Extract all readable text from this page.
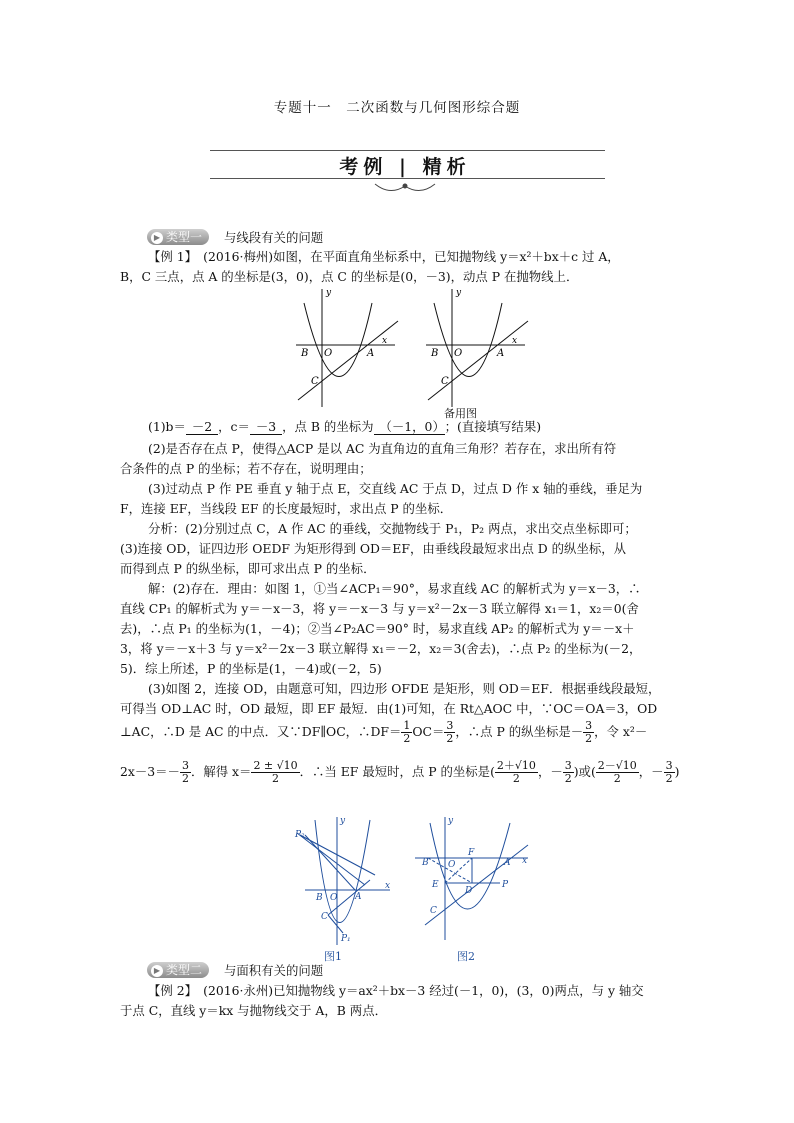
专题十一　二次函数与几何图形综合题
考例 | 精析
▶ 类型一	与线段有关的问题
【例 1】　(2016·梅州)如图，在平面直角坐标系中，已知抛物线 y＝x²＋bx＋c 过 A，
B，C 三点，点 A 的坐标是(3，0)，点 C 的坐标是(0，－3)，动点 P 在抛物线上．
B O	A
C
x
y
B O	A
C
x
y
备用图
(1)b＝ －2 ，c＝ －3 ，点 B 的坐标为 （－1，0） ；(直接填写结果)
(2)是否存在点 P，使得△ACP 是以 AC 为直角边的直角三角形？若存在，求出所有符
合条件的点 P 的坐标；若不存在，说明理由；
(3)过动点 P 作 PE 垂直 y 轴于点 E，交直线 AC 于点 D，过点 D 作 x 轴的垂线，垂足为
F，连接 EF，当线段 EF 的长度最短时，求出点 P 的坐标．
分析：(2)分别过点 C，A 作 AC 的垂线，交抛物线于 P₁，P₂ 两点，求出交点坐标即可；
(3)连接 OD，证四边形 OEDF 为矩形得到 OD＝EF，由垂线段最短求出点 D 的纵坐标，从
而得到点 P 的纵坐标，即可求出点 P 的坐标．
解：(2)存在．理由：如图 1，①当∠ACP₁＝90°，易求直线 AC 的解析式为 y＝x－3，∴
直线 CP₁ 的解析式为 y＝－x－3，将 y＝－x－3 与 y＝x²－2x－3 联立解得 x₁＝1，x₂＝0(舍
去)，∴点 P₁ 的坐标为(1，－4)；②当∠P₂AC＝90° 时，易求直线 AP₂ 的解析式为 y＝－x＋
3，将 y＝－x＋3 与 y＝x²－2x－3 联立解得 x₁＝－2，x₂＝3(舍去)，∴点 P₂ 的坐标为(－2，
5)．综上所述，P 的坐标是(1，－4)或(－2，5)
(3)如图 2，连接 OD，由题意可知，四边形 OFDE 是矩形，则 OD＝EF．根据垂线段最短，
可得当 OD⊥AC 时，OD 最短，即 EF 最短．由(1)可知，在 Rt△AOC 中，∵OC＝OA＝3，OD
⊥AC，∴D 是 AC 的中点．又∵DF∥OC，∴DF＝ $\frac{1}{2} OC= \frac{3}{2}$ ，∴点 P 的纵坐标是－ $\frac{3}{2}$ ，令 x²－
$2x-3=- \frac{3}{2}$ ．解得 $x= \frac{2 \pm √10}{2}$ ．∴当 EF 最短时，点 P 的坐标是( $\frac{2+√10}{2}$ ，－ $\frac{3}{2}$ )或( $\frac{2-√10}{2}$ ，－ $\frac{3}{2}$ )
P₂
B O A
C
P₁
x
y
B
F
A
E
D
P
C
O	x
y
图1	图2
▶ 类型二	与面积有关的问题
【例 2】　(2016·永州)已知抛物线 y＝ax²＋bx－3 经过(－1，0)，(3，0)两点，与 y 轴交
于点 C，直线 y＝kx 与抛物线交于 A，B 两点．
